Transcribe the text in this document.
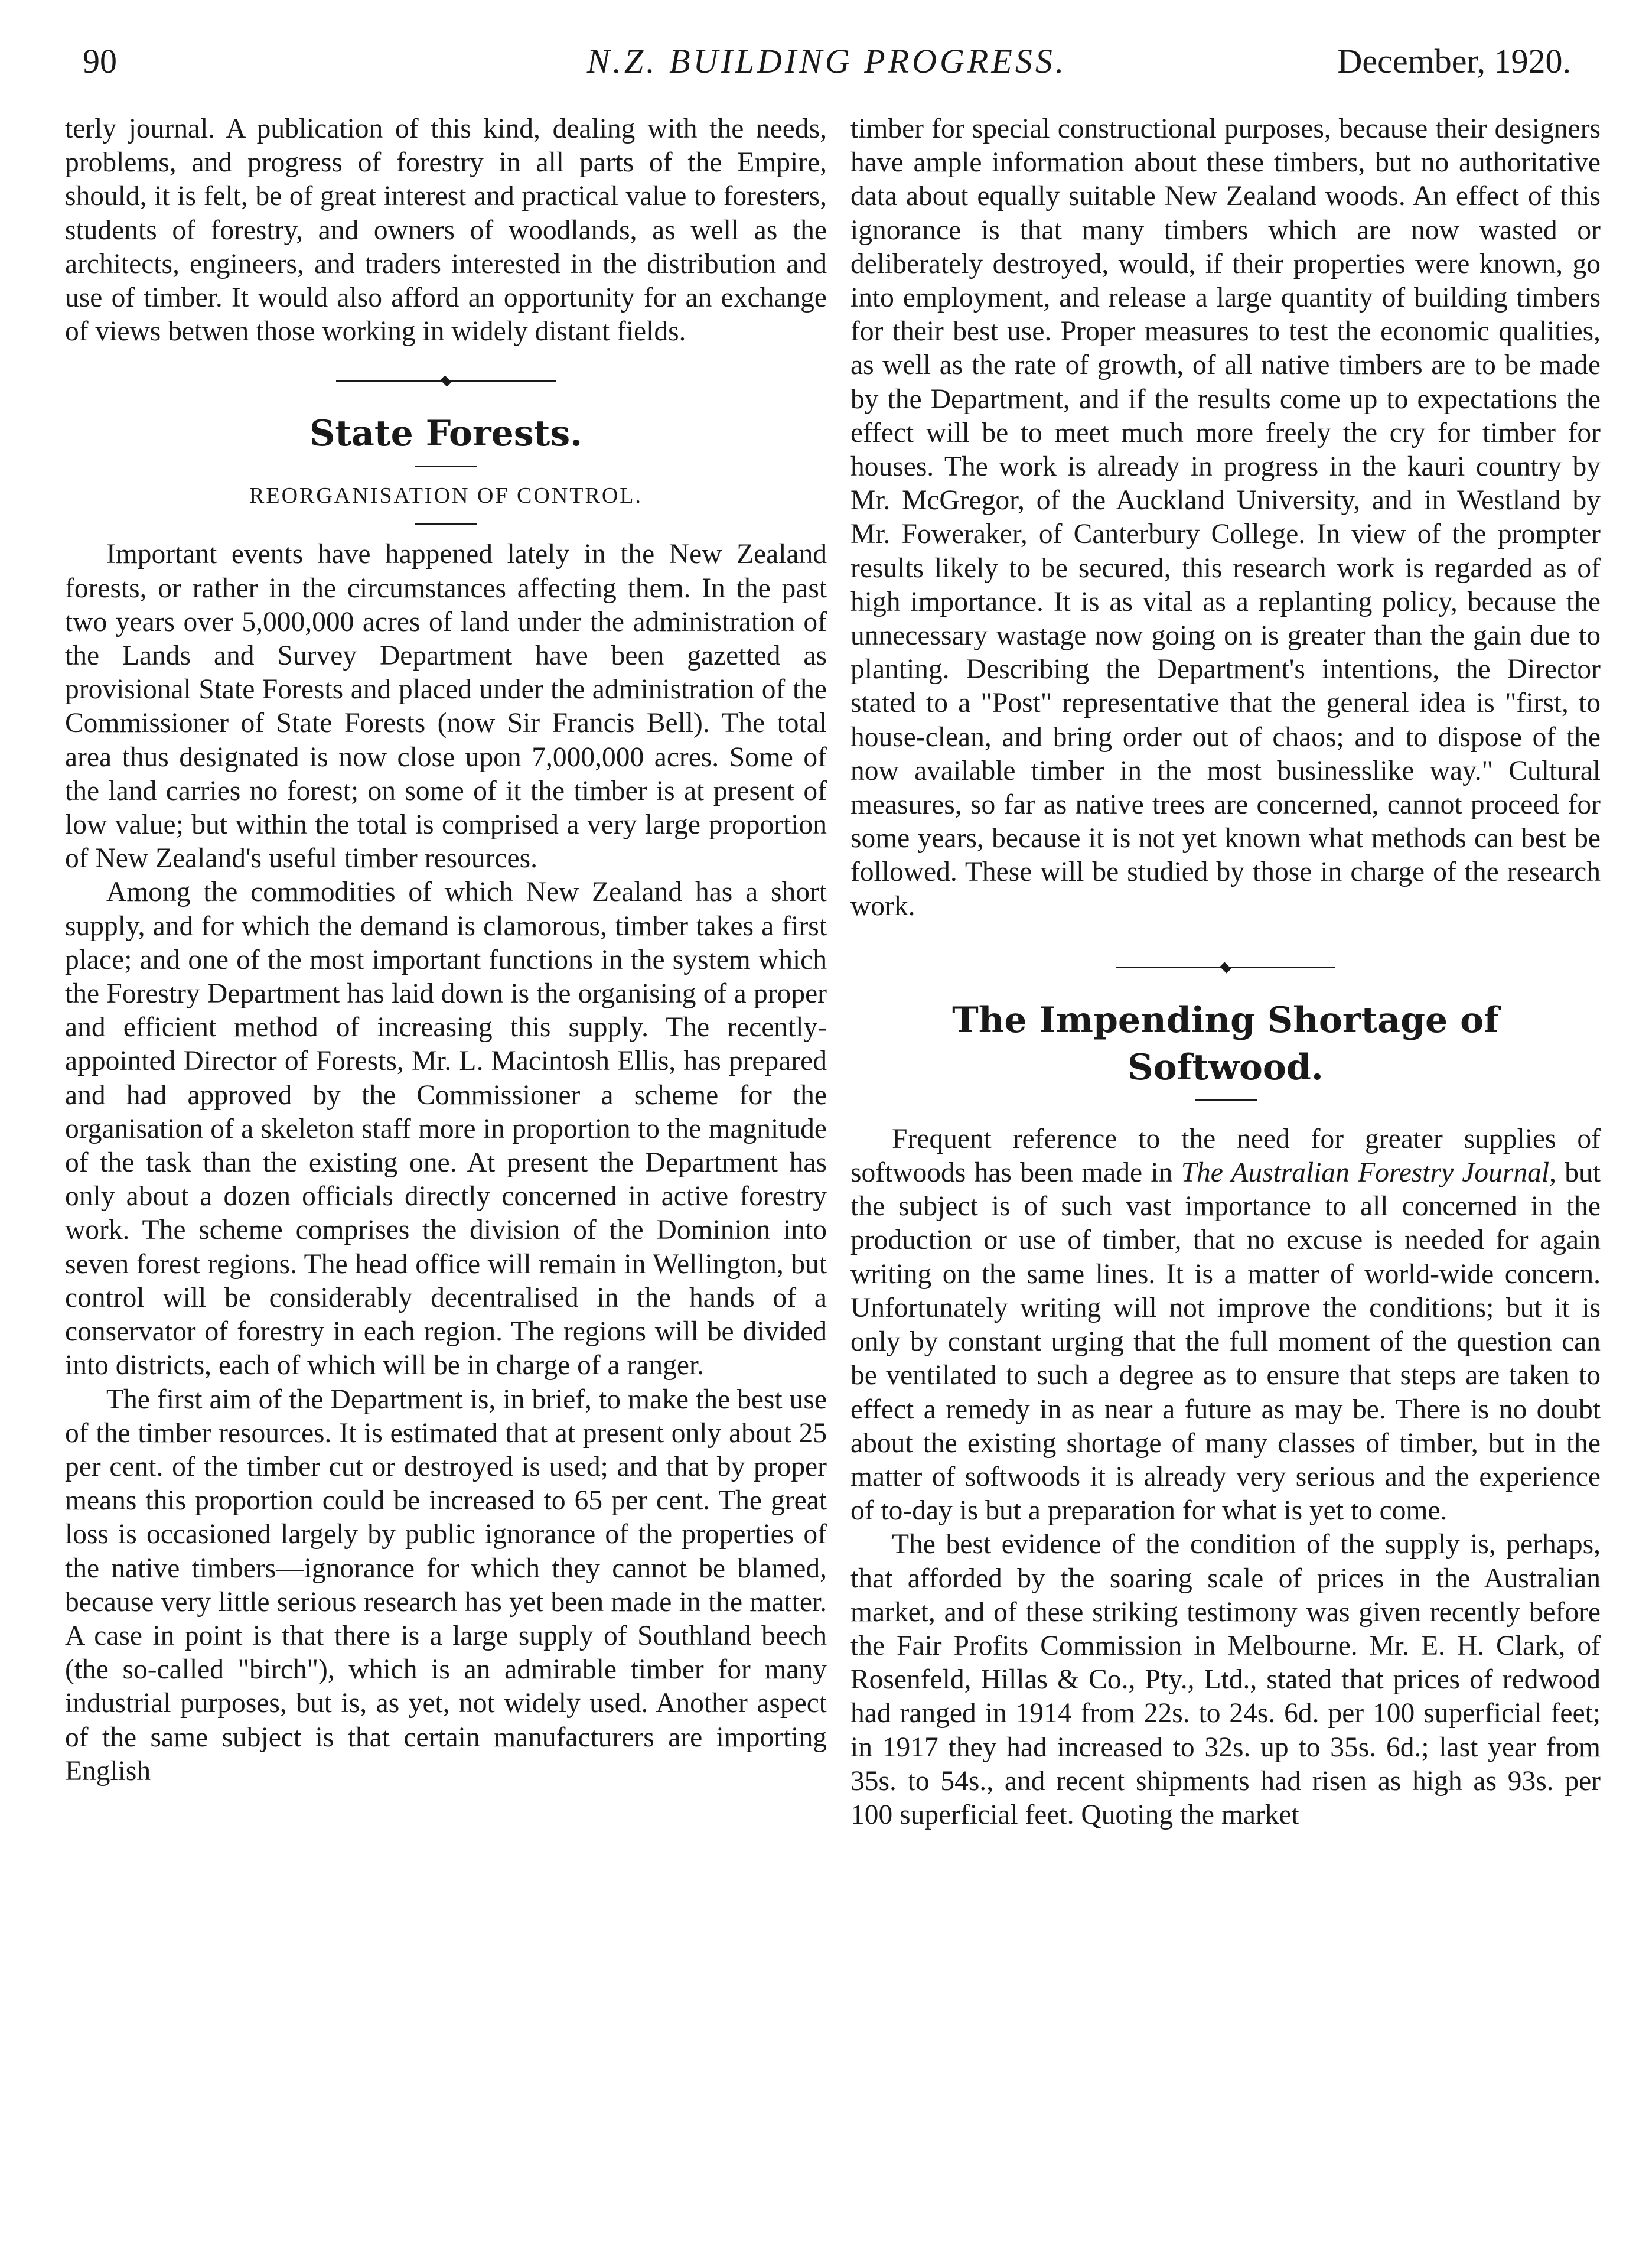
90	N.Z. BUILDING PROGRESS.	December, 1920.

terly journal. A publication of this kind, dealing with the needs, problems, and progress of forestry in all parts of the Empire, should, it is felt, be of great interest and practical value to foresters, students of forestry, and owners of woodlands, as well as the architects, engineers, and traders interested in the distribution and use of timber. It would also afford an opportunity for an exchange of views betwen those working in widely distant fields.

State Forests.
REORGANISATION OF CONTROL.

Important events have happened lately in the New Zealand forests, or rather in the circumstances affecting them. In the past two years over 5,000,000 acres of land under the administration of the Lands and Survey Department have been gazetted as provisional State Forests and placed under the administration of the Commissioner of State Forests (now Sir Francis Bell). The total area thus designated is now close upon 7,000,000 acres. Some of the land carries no forest; on some of it the timber is at present of low value; but within the total is comprised a very large proportion of New Zealand's useful timber resources.

Among the commodities of which New Zealand has a short supply, and for which the demand is clamorous, timber takes a first place; and one of the most important functions in the system which the Forestry Department has laid down is the organising of a proper and efficient method of increasing this supply. The recently-appointed Director of Forests, Mr. L. Macintosh Ellis, has prepared and had approved by the Commissioner a scheme for the organisation of a skeleton staff more in proportion to the magnitude of the task than the existing one. At present the Department has only about a dozen officials directly concerned in active forestry work. The scheme comprises the division of the Dominion into seven forest regions. The head office will remain in Wellington, but control will be considerably decentralised in the hands of a conservator of forestry in each region. The regions will be divided into districts, each of which will be in charge of a ranger.

The first aim of the Department is, in brief, to make the best use of the timber resources. It is estimated that at present only about 25 per cent. of the timber cut or destroyed is used; and that by proper means this proportion could be increased to 65 per cent. The great loss is occasioned largely by public ignorance of the properties of the native timbers—ignorance for which they cannot be blamed, because very little serious research has yet been made in the matter. A case in point is that there is a large supply of Southland beech (the so-called "birch"), which is an admirable timber for many industrial purposes, but is, as yet, not widely used. Another aspect of the same subject is that certain manufacturers are importing English

timber for special constructional purposes, because their designers have ample information about these timbers, but no authoritative data about equally suitable New Zealand woods. An effect of this ignorance is that many timbers which are now wasted or deliberately destroyed, would, if their properties were known, go into employment, and release a large quantity of building timbers for their best use. Proper measures to test the economic qualities, as well as the rate of growth, of all native timbers are to be made by the Department, and if the results come up to expectations the effect will be to meet much more freely the cry for timber for houses. The work is already in progress in the kauri country by Mr. McGregor, of the Auckland University, and in Westland by Mr. Foweraker, of Canterbury College. In view of the prompter results likely to be secured, this research work is regarded as of high importance. It is as vital as a replanting policy, because the unnecessary wastage now going on is greater than the gain due to planting. Describing the Department's intentions, the Director stated to a "Post" representative that the general idea is "first, to house-clean, and bring order out of chaos; and to dispose of the now available timber in the most businesslike way." Cultural measures, so far as native trees are concerned, cannot proceed for some years, because it is not yet known what methods can best be followed. These will be studied by those in charge of the research work.

The Impending Shortage of Softwood.

Frequent reference to the need for greater supplies of softwoods has been made in The Australian Forestry Journal, but the subject is of such vast importance to all concerned in the production or use of timber, that no excuse is needed for again writing on the same lines. It is a matter of world-wide concern. Unfortunately writing will not improve the conditions; but it is only by constant urging that the full moment of the question can be ventilated to such a degree as to ensure that steps are taken to effect a remedy in as near a future as may be. There is no doubt about the existing shortage of many classes of timber, but in the matter of softwoods it is already very serious and the experience of to-day is but a preparation for what is yet to come.

The best evidence of the condition of the supply is, perhaps, that afforded by the soaring scale of prices in the Australian market, and of these striking testimony was given recently before the Fair Profits Commission in Melbourne. Mr. E. H. Clark, of Rosenfeld, Hillas & Co., Pty., Ltd., stated that prices of redwood had ranged in 1914 from 22s. to 24s. 6d. per 100 superficial feet; in 1917 they had increased to 32s. up to 35s. 6d.; last year from 35s. to 54s., and recent shipments had risen as high as 93s. per 100 superficial feet. Quoting the market
